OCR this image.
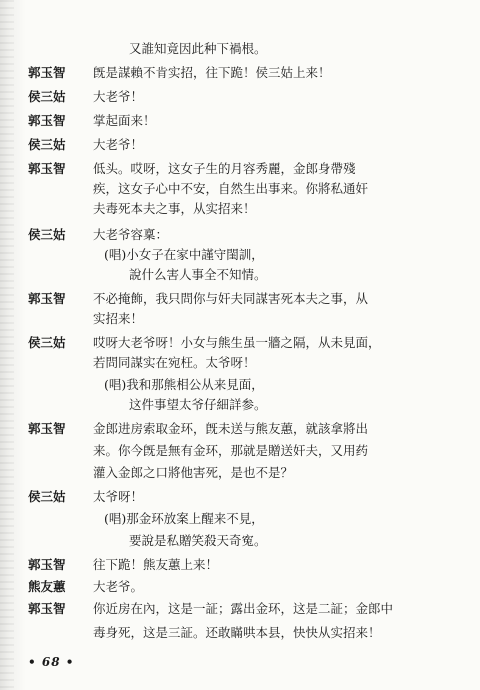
又誰知竟因此种下禍根。
郭玉智	旣是謀賴不肯实招，往下跪！侯三姑上来！
侯三姑	大老爷！
郭玉智	掌起面来！
侯三姑	大老爷！
郭玉智	低头。哎呀，这女子生的月容秀麗，金郎身帶殘
疾，这女子心中不安，自然生出事来。你將私通奸
夫毒死本夫之事，从实招来！
侯三姑	大老爷容稟：
(唱)小女子在家中謹守閨訓，
說什么害人事全不知情。
郭玉智	不必掩飾，我只問你与奸夫同謀害死本夫之事，从
实招来！
侯三姑	哎呀大老爷呀！小女与熊生虽一牆之隔，从未見面，
若問同謀实在宛枉。太爷呀！
(唱)我和那熊相公从来見面，
这件事望太爷仔細詳参。
郭玉智	金郎进房索取金环，旣未送与熊友蕙，就該拿將出
来。你今旣是無有金环，那就是贈送奸夫，又用药
灌入金郎之口將他害死，是也不是？
侯三姑	太爷呀！
(唱)那金环放案上醒来不見，
要說是私贈笑殺天奇寃。
郭玉智	往下跪！熊友蕙上来！
熊友蕙	大老爷。
郭玉智	你近房在內，这是一証；露出金环，这是二証；金郎中
毒身死，这是三証。还敢瞞哄本县，快快从实招来！
• 68 •
